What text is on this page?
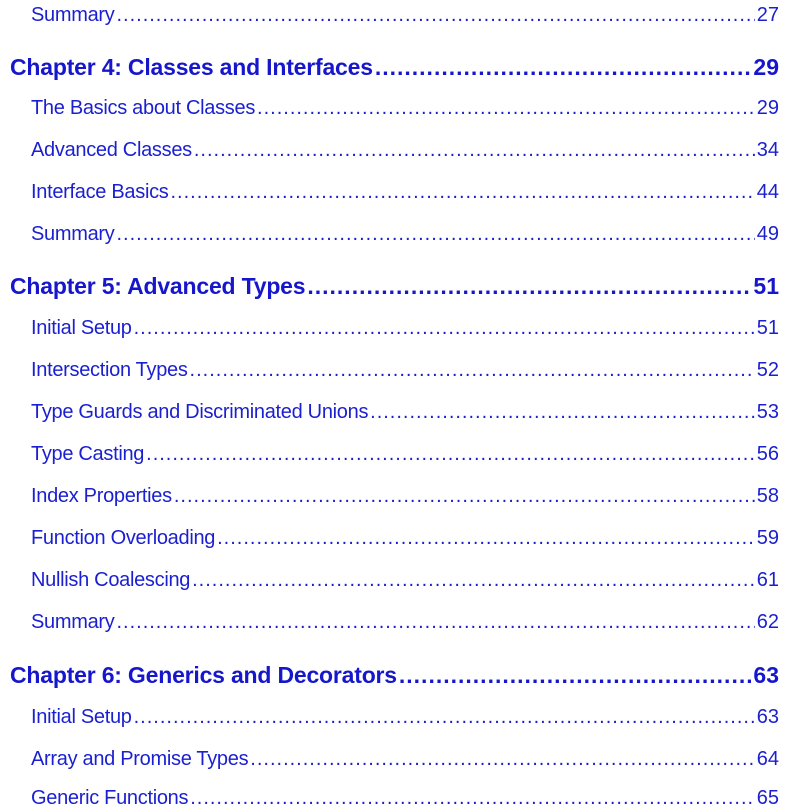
Summary .....	27
Chapter 4: Classes and Interfaces .....	29
The Basics about Classes .....	29
Advanced Classes .....	34
Interface Basics .....	44
Summary .....	49
Chapter 5: Advanced Types .....	51
Initial Setup .....	51
Intersection Types .....	52
Type Guards and Discriminated Unions .....	53
Type Casting .....	56
Index Properties .....	58
Function Overloading .....	59
Nullish Coalescing .....	61
Summary .....	62
Chapter 6: Generics and Decorators .....	63
Initial Setup .....	63
Array and Promise Types .....	64
Generic Functions .....	65
